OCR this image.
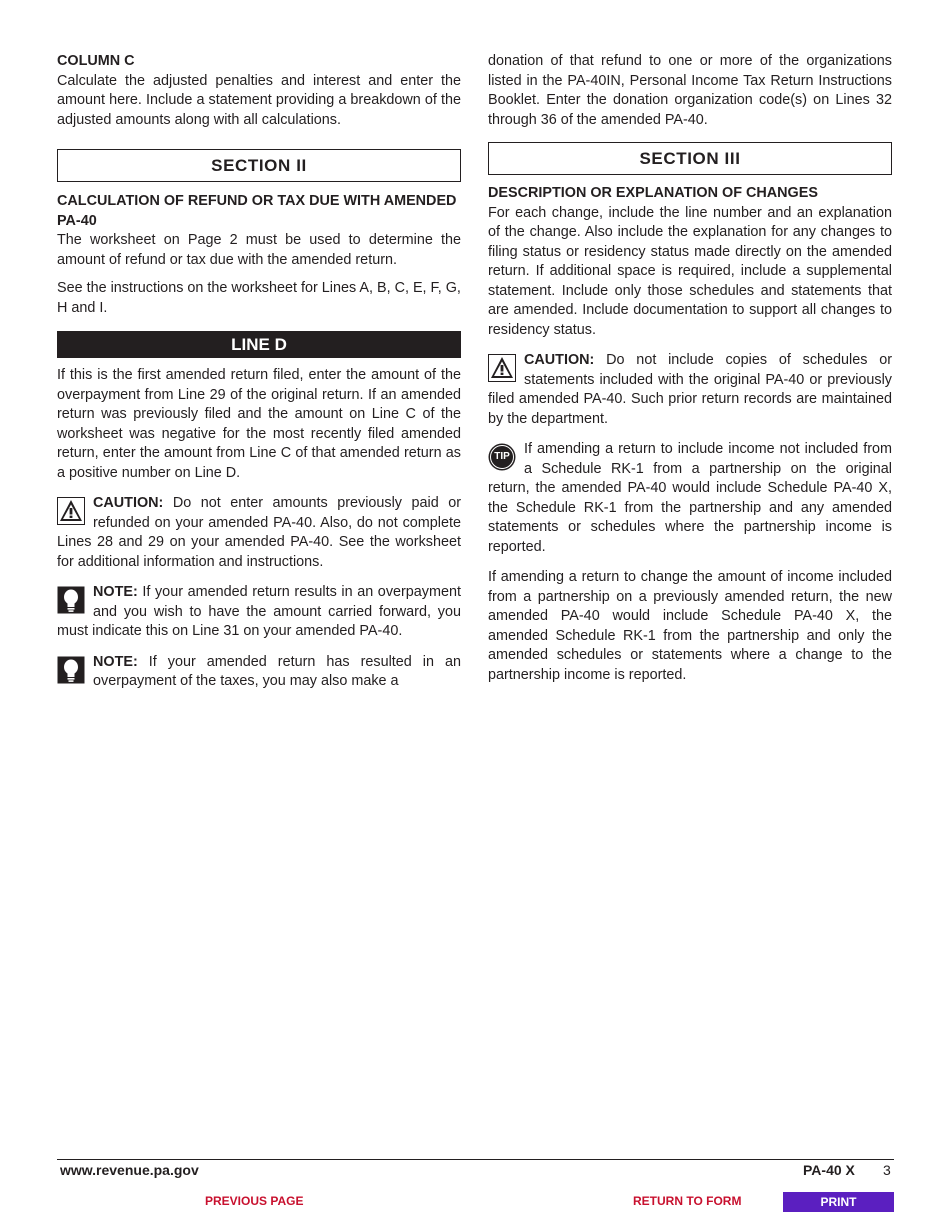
COLUMN C

Calculate the adjusted penalties and interest and enter the amount here. Include a statement providing a breakdown of the adjusted amounts along with all calculations.

SECTION II

CALCULATION OF REFUND OR TAX DUE WITH AMENDED PA-40

The worksheet on Page 2 must be used to determine the amount of refund or tax due with the amended return.

See the instructions on the worksheet for Lines A, B, C, E, F, G, H and I.

LINE D

If this is the first amended return filed, enter the amount of the overpayment from Line 29 of the original return. If an amended return was previously filed and the amount on Line C of the worksheet was negative for the most recently filed amended return, enter the amount from Line C of that amended return as a positive number on Line D.

CAUTION: Do not enter amounts previously paid or refunded on your amended PA-40. Also, do not complete Lines 28 and 29 on your amended PA-40. See the worksheet for additional information and instructions.

NOTE: If your amended return results in an overpayment and you wish to have the amount carried forward, you must indicate this on Line 31 on your amended PA-40.

NOTE: If your amended return has resulted in an overpayment of the taxes, you may also make a

donation of that refund to one or more of the organizations listed in the PA-40IN, Personal Income Tax Return Instructions Booklet. Enter the donation organization code(s) on Lines 32 through 36 of the amended PA-40.

SECTION III

DESCRIPTION OR EXPLANATION OF CHANGES

For each change, include the line number and an explanation of the change. Also include the explanation for any changes to filing status or residency status made directly on the amended return. If additional space is required, include a supplemental statement. Include only those schedules and statements that are amended. Include documentation to support all changes to residency status.

CAUTION: Do not include copies of schedules or statements included with the original PA-40 or previously filed amended PA-40. Such prior return records are maintained by the department.

TIP If amending a return to include income not included from a Schedule RK-1 from a partnership on the original return, the amended PA-40 would include Schedule PA-40 X, the Schedule RK-1 from the partnership and any amended statements or schedules where the partnership income is reported.

If amending a return to change the amount of income included from a partnership on a previously amended return, the new amended PA-40 would include Schedule PA-40 X, the amended Schedule RK-1 from the partnership and only the amended schedules or statements where a change to the partnership income is reported.

www.revenue.pa.gov	PA-40 X 3
PREVIOUS PAGE	RETURN TO FORM	PRINT
